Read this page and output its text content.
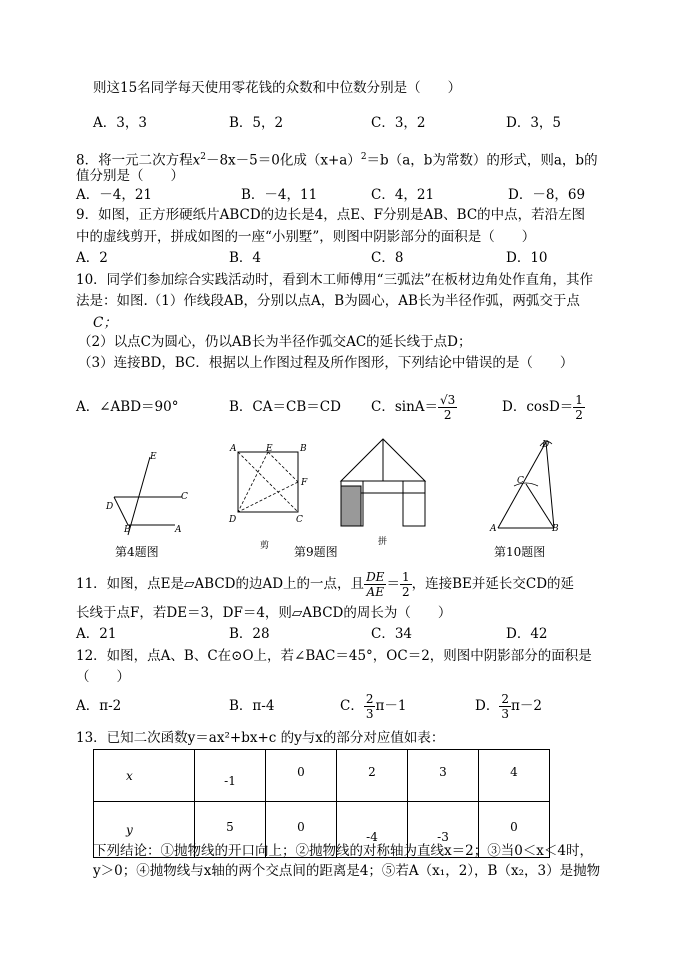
则这15名同学每天使用零花钱的众数和中位数分别是（　　）
A．3，3	B．5，2	C．3，2	D．3，5
8．将一元二次方程$x^2-8x-5=0$化成$(x+a)^2=b(a$，b为常数）的形式，则a，b的
值分别是（　　）
A．－4，21	B．－4，11	C．4，21	D．－8，69
9．如图，正方形硬纸片ABCD的边长是4，点E、F分别是AB、BC的中点，若沿左图
中的虚线剪开，拼成如图的一座“小别墅”，则图中阴影部分的面积是（　　）
A．2	B．4	C．8	D．10
10．同学们参加综合实践活动时，看到木工师傅用“三弧法”在板材边角处作直角，其作
法是：如图.（1）作线段AB，分别以点A，B为圆心，AB长为半径作弧，两弧交于点
C；
（2）以点C为圆心，仍以AB长为半径作弧交AC的延长线于点D；
（3）连接BD，BC．根据以上作图过程及所作图形，下列结论中错误的是（　　）
A．∠ABD＝90°	B．CA＝CB＝CD C．$\sin A= \frac{√3}{2}$	D．$\cos D= \frac{1}{2}$
E
C
D
B	A
第4题图
A	E	B
F
D	C
剪 第9题图
拼
D
C
A	B
第10题图
11．如图，点E是▱ABCD的边AD上的一点，且 $\frac{DE}{AE} = \frac{1}{2}$ ，连接BE并延长交CD的延
长线于点F，若DE＝3，DF＝4，则▱ABCD的周长为（　　）
A．21	B．28	C．34	D．42
12．如图，点A、B、C在⊙O上，若∠BAC＝45°，OC＝2，则图中阴影部分的面积是
（　　）
A．π-2	B．π-4	C． $\frac{2}{3} \pi-1$	D． $\frac{2}{3} \pi-2$
13．已知二次函数y＝ax²+bx+c 的y与x的部分对应值如表：
x	-1	0	2	3	4
y	5	0	-4	-3	0
下列结论：①抛物线的开口向上；②抛物线的对称轴为直线x＝2；③当0＜x＜4时，
y＞0；④抛物线与x轴的两个交点间的距离是4；⑤若A（x₁，2），B（x₂，3）是抛物
